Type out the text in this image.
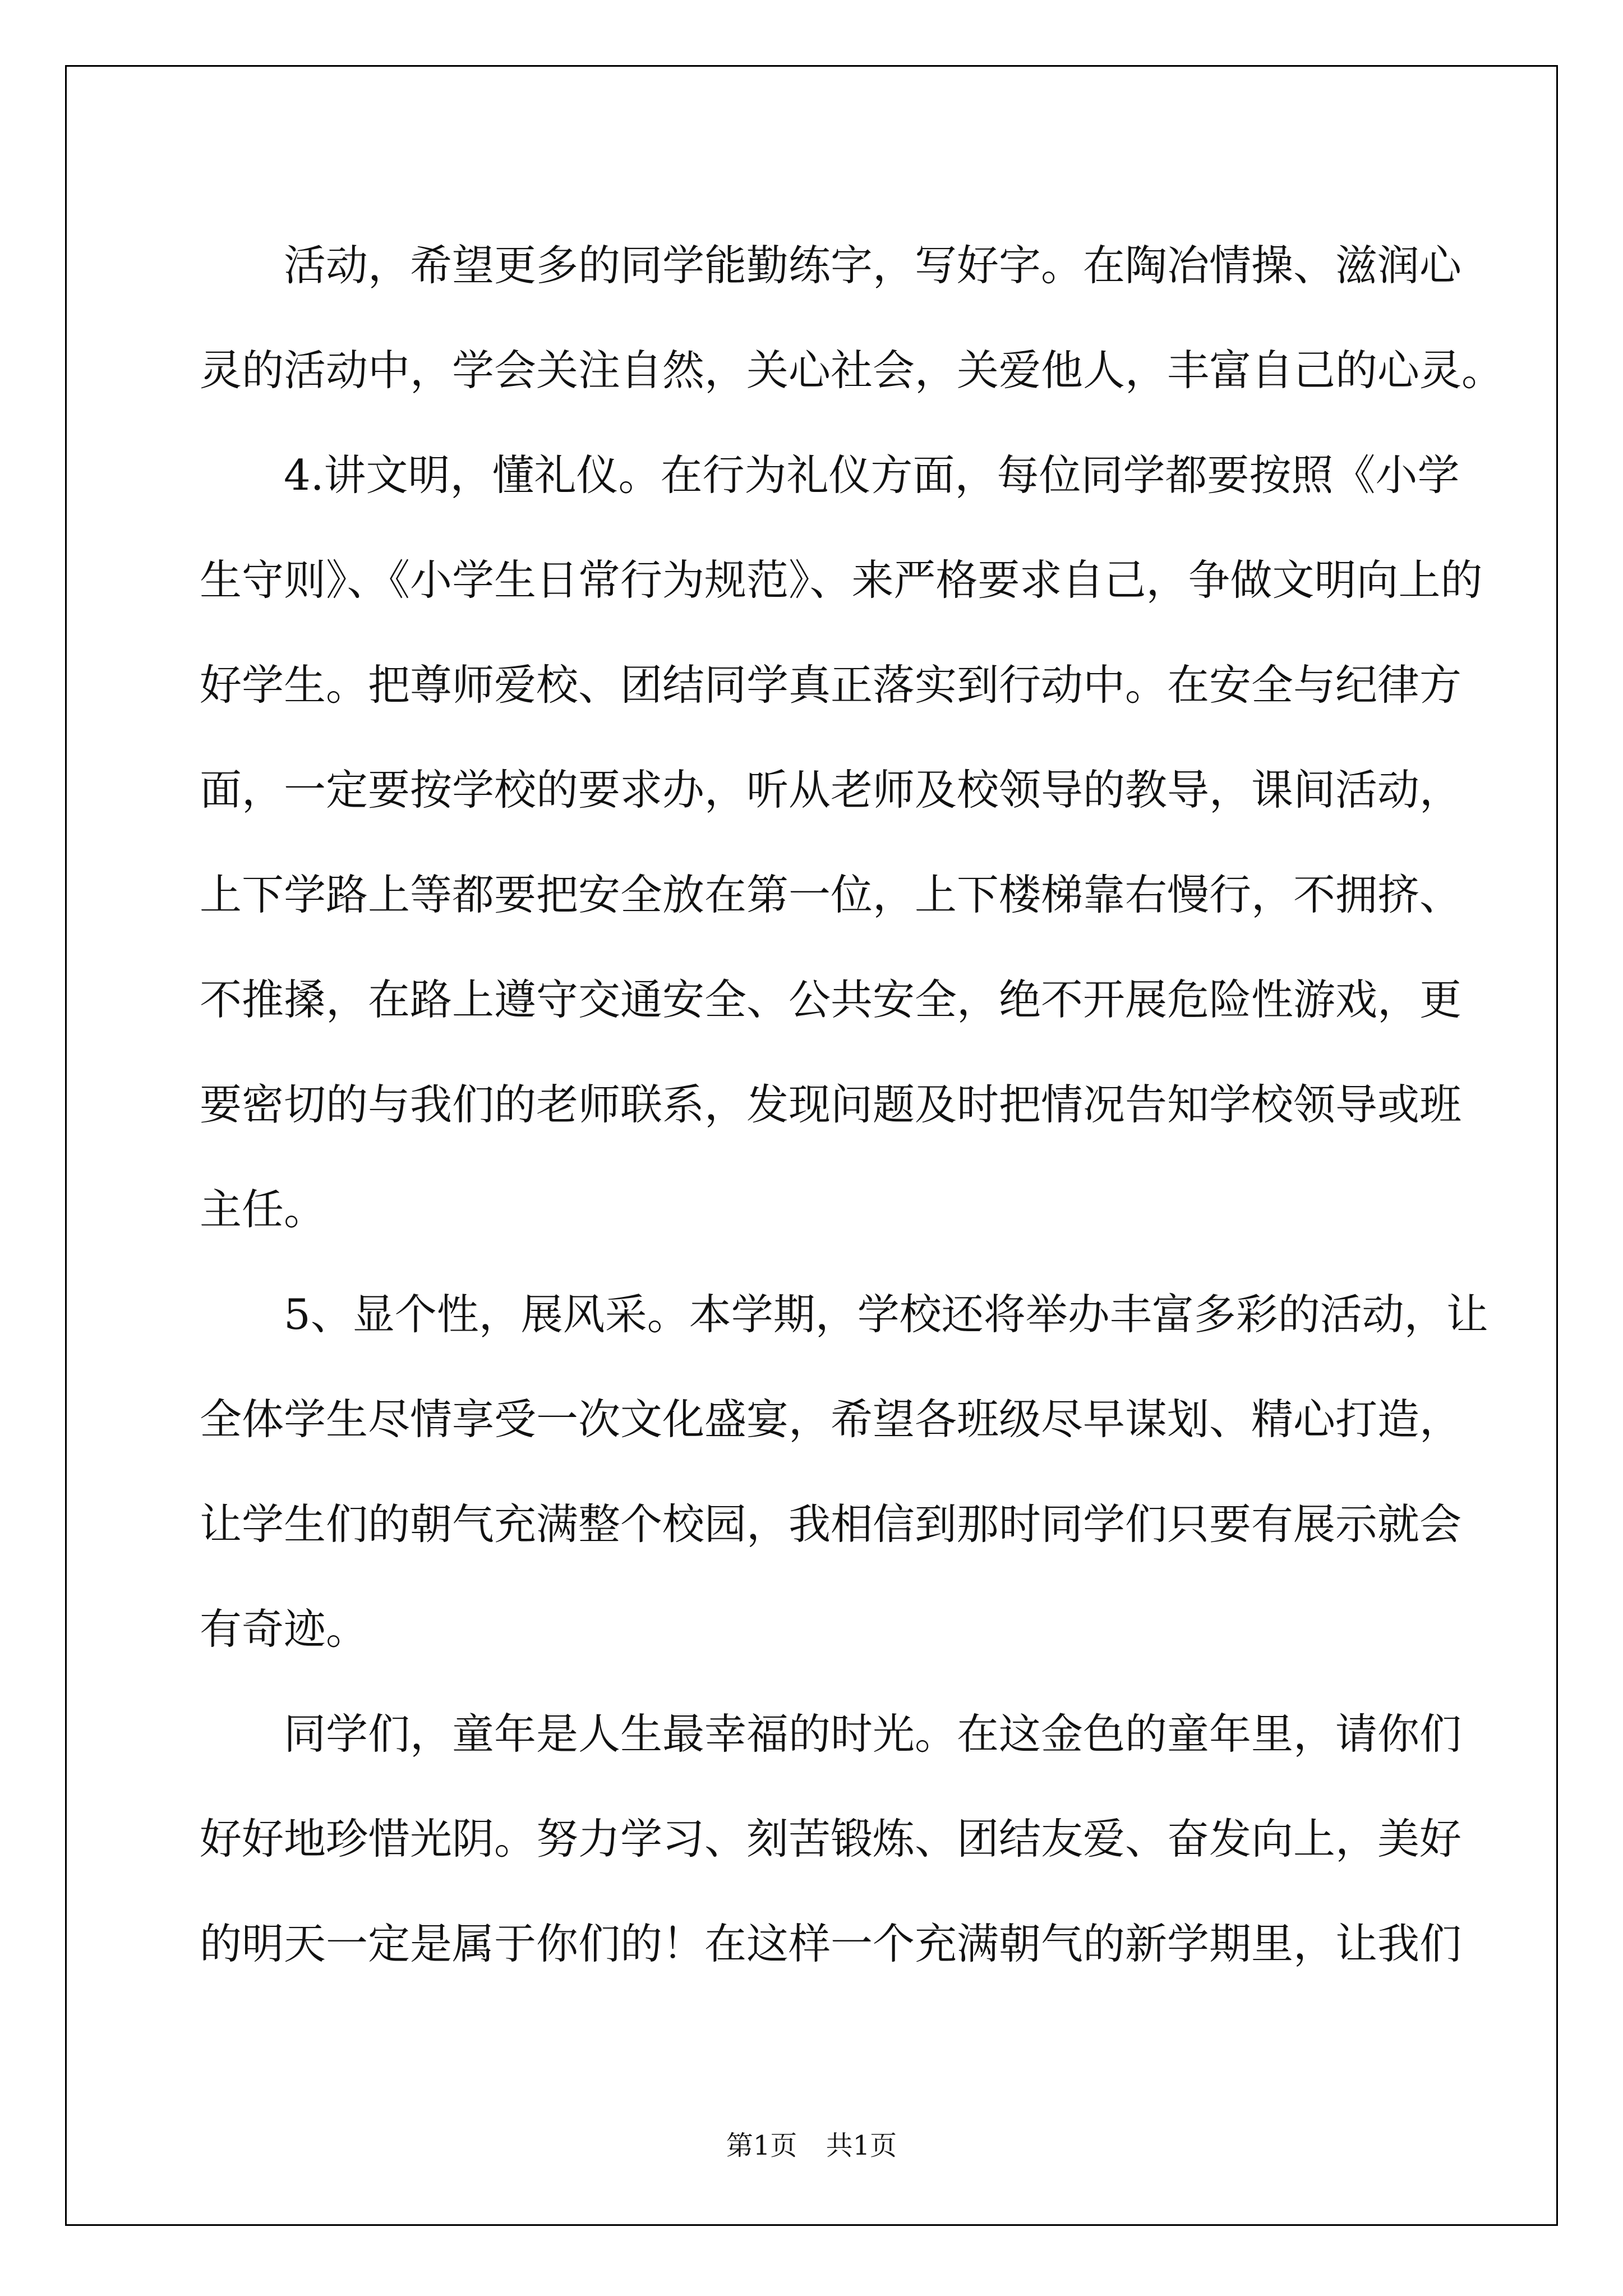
活动，希望更多的同学能勤练字，写好字。在陶冶情操、滋润心
灵的活动中，学会关注自然，关心社会，关爱他人，丰富自己的心灵。
4.讲文明，懂礼仪。在行为礼仪方面，每位同学都要按照《小学
生守则》、《小学生日常行为规范》、来严格要求自己，争做文明向上的
好学生。把尊师爱校、团结同学真正落实到行动中。在安全与纪律方
面，一定要按学校的要求办，听从老师及校领导的教导，课间活动，
上下学路上等都要把安全放在第一位，上下楼梯靠右慢行，不拥挤、
不推搡，在路上遵守交通安全、公共安全，绝不开展危险性游戏，更
要密切的与我们的老师联系，发现问题及时把情况告知学校领导或班
主任。
5、显个性，展风采。本学期，学校还将举办丰富多彩的活动，让
全体学生尽情享受一次文化盛宴，希望各班级尽早谋划、精心打造，
让学生们的朝气充满整个校园，我相信到那时同学们只要有展示就会
有奇迹。
同学们，童年是人生最幸福的时光。在这金色的童年里，请你们
好好地珍惜光阴。努力学习、刻苦锻炼、团结友爱、奋发向上，美好
的明天一定是属于你们的！在这样一个充满朝气的新学期里，让我们
第1页 共1页
